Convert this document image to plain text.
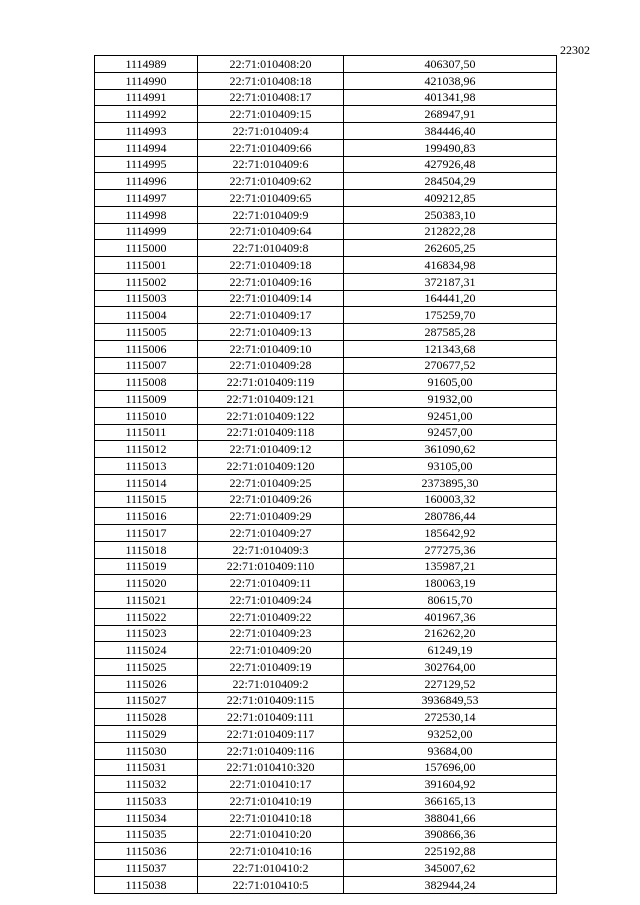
22302
1114989	22:71:010408:20	406307,50
1114990	22:71:010408:18	421038,96
1114991	22:71:010408:17	401341,98
1114992	22:71:010409:15	268947,91
1114993	22:71:010409:4	384446,40
1114994	22:71:010409:66	199490,83
1114995	22:71:010409:6	427926,48
1114996	22:71:010409:62	284504,29
1114997	22:71:010409:65	409212,85
1114998	22:71:010409:9	250383,10
1114999	22:71:010409:64	212822,28
1115000	22:71:010409:8	262605,25
1115001	22:71:010409:18	416834,98
1115002	22:71:010409:16	372187,31
1115003	22:71:010409:14	164441,20
1115004	22:71:010409:17	175259,70
1115005	22:71:010409:13	287585,28
1115006	22:71:010409:10	121343,68
1115007	22:71:010409:28	270677,52
1115008	22:71:010409:119	91605,00
1115009	22:71:010409:121	91932,00
1115010	22:71:010409:122	92451,00
1115011	22:71:010409:118	92457,00
1115012	22:71:010409:12	361090,62
1115013	22:71:010409:120	93105,00
1115014	22:71:010409:25	2373895,30
1115015	22:71:010409:26	160003,32
1115016	22:71:010409:29	280786,44
1115017	22:71:010409:27	185642,92
1115018	22:71:010409:3	277275,36
1115019	22:71:010409:110	135987,21
1115020	22:71:010409:11	180063,19
1115021	22:71:010409:24	80615,70
1115022	22:71:010409:22	401967,36
1115023	22:71:010409:23	216262,20
1115024	22:71:010409:20	61249,19
1115025	22:71:010409:19	302764,00
1115026	22:71:010409:2	227129,52
1115027	22:71:010409:115	3936849,53
1115028	22:71:010409:111	272530,14
1115029	22:71:010409:117	93252,00
1115030	22:71:010409:116	93684,00
1115031	22:71:010410:320	157696,00
1115032	22:71:010410:17	391604,92
1115033	22:71:010410:19	366165,13
1115034	22:71:010410:18	388041,66
1115035	22:71:010410:20	390866,36
1115036	22:71:010410:16	225192,88
1115037	22:71:010410:2	345007,62
1115038	22:71:010410:5	382944,24
